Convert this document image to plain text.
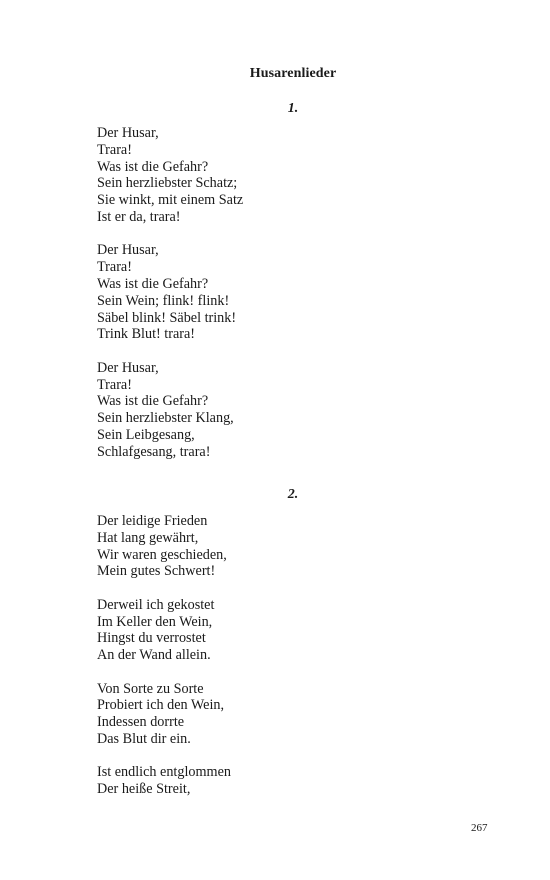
Husarenlieder
1.
Der Husar,
Trara!
Was ist die Gefahr?
Sein herzliebster Schatz;
Sie winkt, mit einem Satz
Ist er da, trara!
Der Husar,
Trara!
Was ist die Gefahr?
Sein Wein; flink! flink!
Säbel blink! Säbel trink!
Trink Blut! trara!
Der Husar,
Trara!
Was ist die Gefahr?
Sein herzliebster Klang,
Sein Leibgesang,
Schlafgesang, trara!
2.
Der leidige Frieden
Hat lang gewährt,
Wir waren geschieden,
Mein gutes Schwert!
Derweil ich gekostet
Im Keller den Wein,
Hingst du verrostet
An der Wand allein.
Von Sorte zu Sorte
Probiert ich den Wein,
Indessen dorrte
Das Blut dir ein.
Ist endlich entglommen
Der heiße Streit,
267
